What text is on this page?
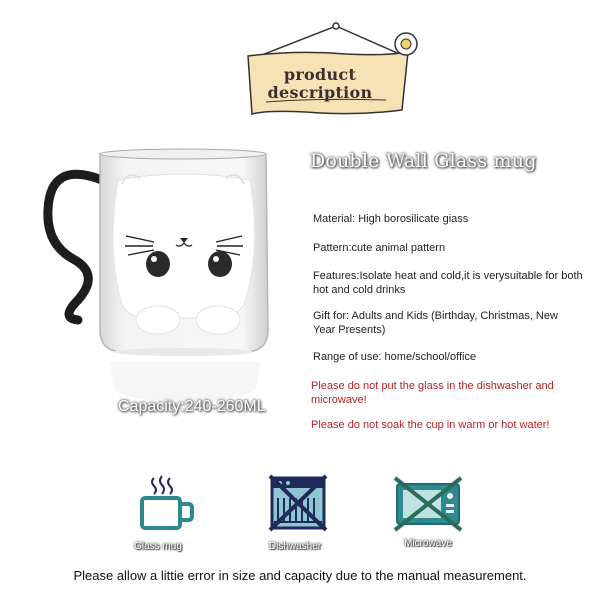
product description
Capacity:240-260ML
Double Wall Glass mug
Material: High borosilicate giass
Pattern:cute animal pattern
Features:Isolate heat and cold,it is verysuitable for both hot and cold drinks
Gift for: Adults and Kids (Birthday, Christmas, New Year Presents)
Range of use: home/school/office
Please do not put the glass in the dishwasher and microwave!
Please do not soak the cup in warm or hot water!
Glass mug	Dishwasher	Microwave
Please allow a littie error in size and capacity due to the manual measurement.
